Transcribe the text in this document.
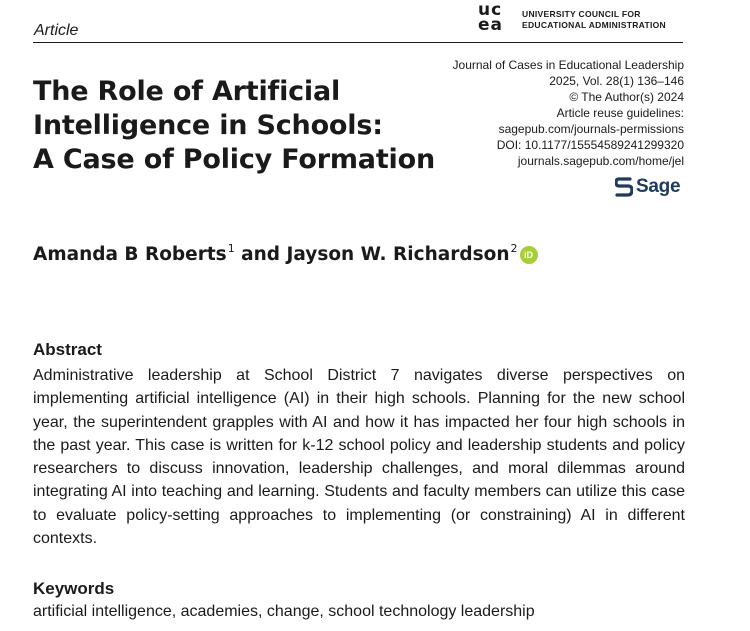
Article
uc
ea
UNIVERSITY COUNCIL FOR
EDUCATIONAL ADMINISTRATION
Journal of Cases in Educational Leadership
2025, Vol. 28(1) 136–146
© The Author(s) 2024
Article reuse guidelines:
sagepub.com/journals-permissions
DOI: 10.1177/15554589241299320
journals.sagepub.com/home/jel
Sage
The Role of Artificial
Intelligence in Schools:
A Case of Policy Formation
Amanda B Roberts$^1$ and Jayson W. Richardson$^2$ iD
Abstract
Administrative leadership at School District 7 navigates diverse perspectives on implementing artificial intelligence (AI) in their high schools. Planning for the new school year, the superintendent grapples with AI and how it has impacted her four high schools in the past year. This case is written for k-12 school policy and leadership students and policy researchers to discuss innovation, leadership challenges, and moral dilemmas around integrating AI into teaching and learning. Students and faculty members can utilize this case to evaluate policy-setting approaches to implementing (or constraining) AI in different contexts.
Keywords
artificial intelligence, academies, change, school technology leadership
